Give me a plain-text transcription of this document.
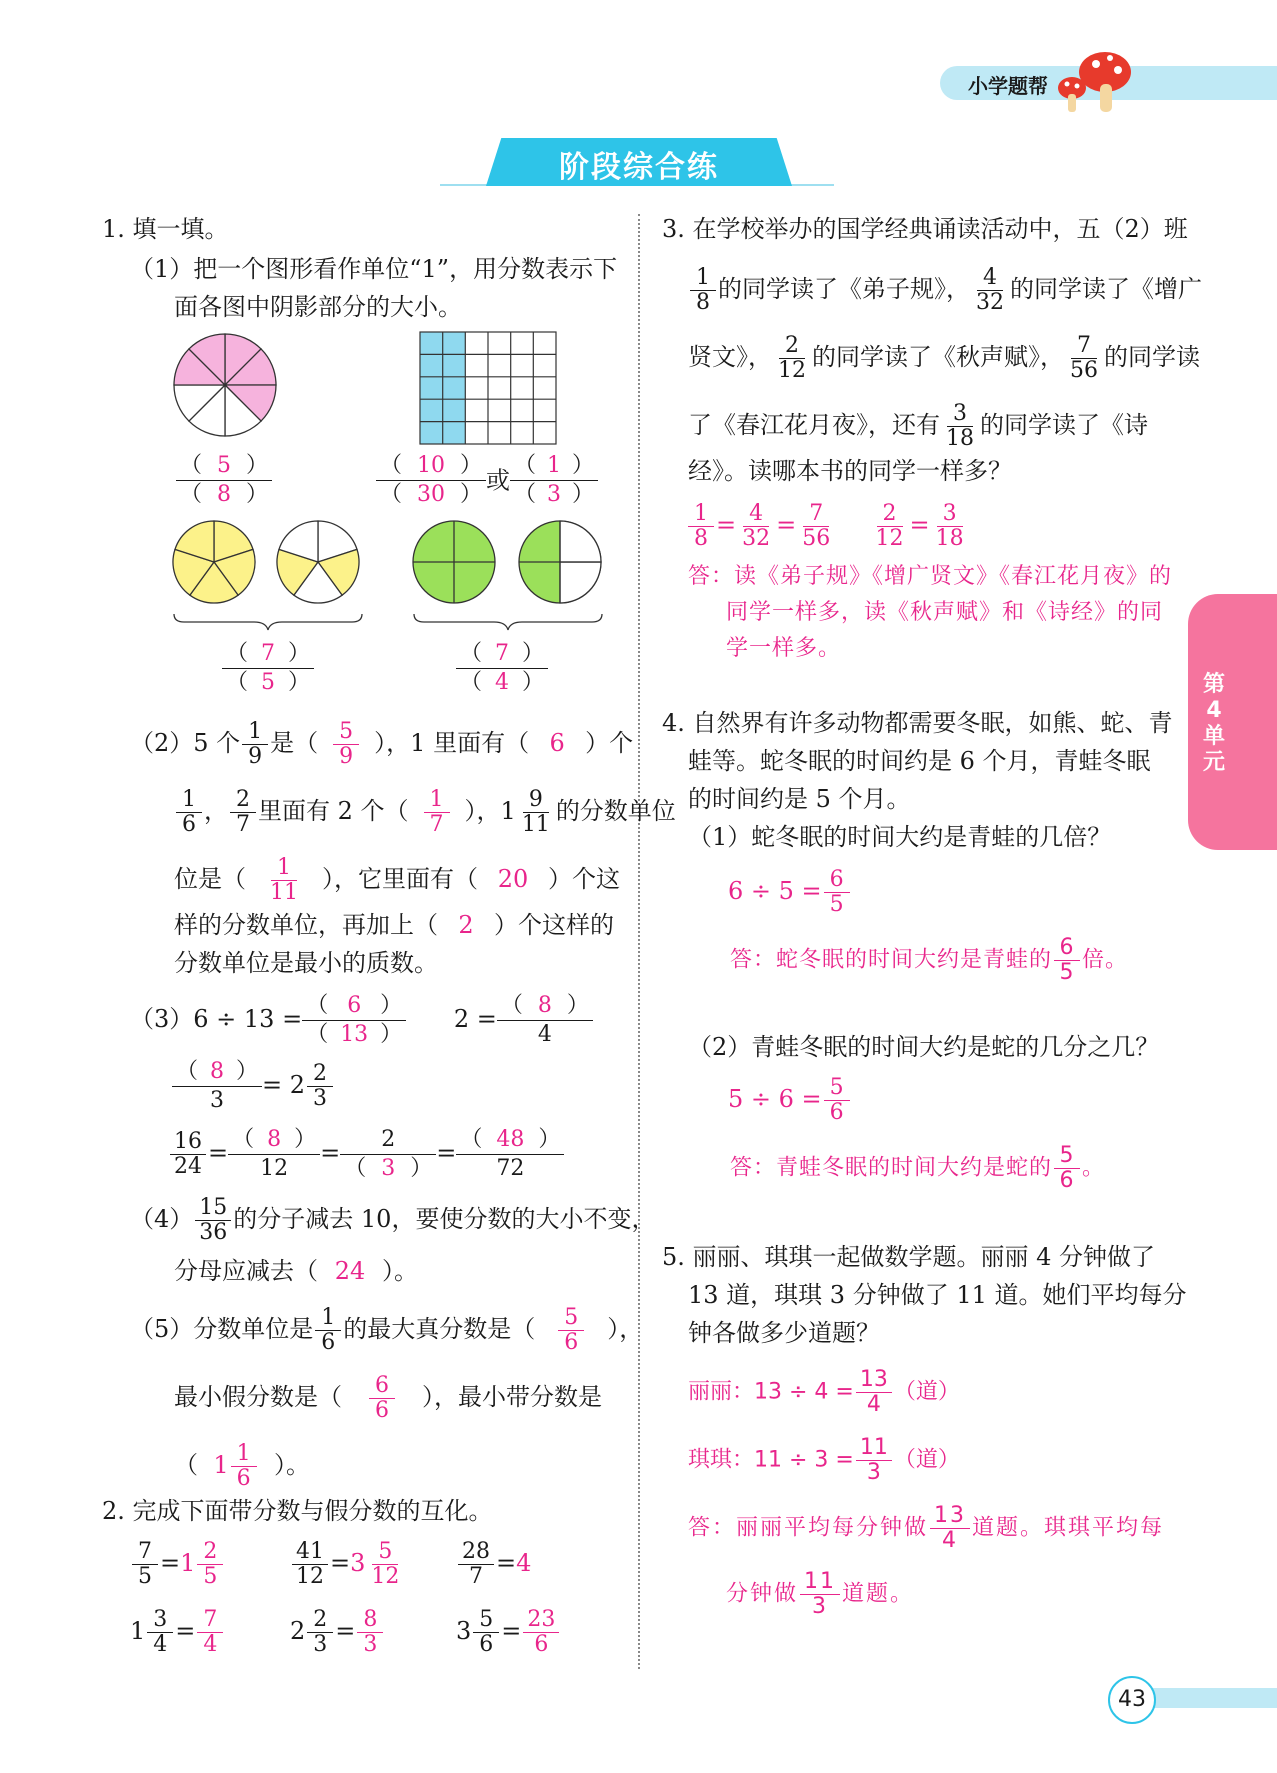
小学题帮
阶段综合练
第4单元
43
1. 填一填。
（1）把一个图形看作单位“1”，用分数表示下
面各图中阴影部分的大小。
$\frac{( 5 )}{( 8 )}$	$\frac{( 10 )}{( 30 )}$ 或 $\frac{( 1 )}{( 3 )}$
$\frac{( 7 )}{( 5 )}$	$\frac{( 7 )}{( 4 )}$
（2）5 个 $\frac{1}{9}$ 是（ $\frac{5}{9}$ ），1 里面有（ 6 ）个
$\frac{1}{6}$ ， $\frac{2}{7}$ 里面有 2 个（ $\frac{1}{7}$ ），$1 \frac{9}{11}$ 的分数单位
位是（ $\frac{1}{11}$ ），它里面有（ 20 ）个这
样的分数单位，再加上（ 2 ）个这样的
分数单位是最小的质数。
$(3)6 \div 13 = \frac{( 6 )}{( 13 )} 2 = \frac{( 8 )}{4}$
$\frac{( 8 )}{3} = 2 \frac{2}{3}$
$\frac{16}{24} = \frac{( 8 )}{12} = \frac{2}{( 3 )} = \frac{( 48 )}{72}$
$(4) \frac{15}{36}$ 的分子减去 10，要使分数的大小不变，
分母应减去（ 24 ）。
（5）分数单位是 $\frac{1}{6}$ 的最大真分数是（ $\frac{5}{6}$ ），
最小假分数是（ $\frac{6}{6}$ ），最小带分数是
（ $1 \frac{1}{6}$ ）。
2. 完成下面带分数与假分数的互化。
$\frac{7}{5} =1 \frac{2}{5}$	$\frac{41}{12} =3 \frac{5}{12} \frac{28}{7} =4$
$1 \frac{3}{4} = \frac{7}{4}$	$2 \frac{2}{3} = \frac{8}{3}$	$3 \frac{5}{6} = \frac{23}{6}$
3. 在学校举办的国学经典诵读活动中，五（2）班
$\frac{1}{8}$ 的同学读了《弟子规》， $\frac{4}{32}$ 的同学读了《增广
贤文》， $\frac{2}{12}$ 的同学读了《秋声赋》， $\frac{7}{56}$ 的同学读
了《春江花月夜》，还有 $\frac{3}{18}$ 的同学读了《诗
经》。读哪本书的同学一样多？
$\frac{1}{8} = \frac{4}{32} = \frac{7}{56}$
$\frac{2}{12} = \frac{3}{18}$
答：读《弟子规》《增广贤文》《春江花月夜》的
同学一样多，读《秋声赋》和《诗经》的同
学一样多。
4. 自然界有许多动物都需要冬眠，如熊、蛇、青
蛙等。蛇冬眠的时间约是 6 个月，青蛙冬眠
的时间约是 5 个月。
（1）蛇冬眠的时间大约是青蛙的几倍？
$6 \div 5 = \frac{6}{5}$
答：蛇冬眠的时间大约是青蛙的 $\frac{6}{5}$ 倍。
（2）青蛙冬眠的时间大约是蛇的几分之几？
$5 \div 6 = \frac{5}{6}$
答：青蛙冬眠的时间大约是蛇的 $\frac{5}{6}$ 。
5. 丽丽、琪琪一起做数学题。丽丽 4 分钟做了
13 道，琪琪 3 分钟做了 11 道。她们平均每分
钟各做多少道题？
丽丽：$13 \div 4 = \frac{13}{4}$ （道）
琪琪：$11 \div 3 = \frac{11}{3}$ （道）
答：丽丽平均每分钟做 $\frac{13}{4}$ 道题。琪琪平均每
分钟做 $\frac{11}{3}$ 道题。
